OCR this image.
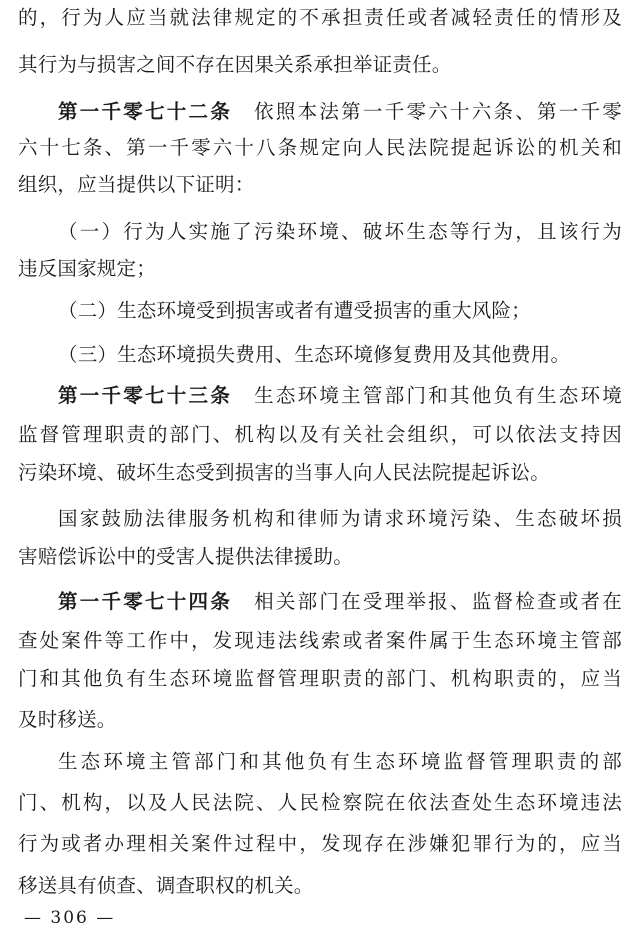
的，行为人应当就法律规定的不承担责任或者减轻责任的情形及
其行为与损害之间不存在因果关系承担举证责任。
第一千零七十二条 依照本法第一千零六十六条、第一千零
六十七条、第一千零六十八条规定向人民法院提起诉讼的机关和
组织，应当提供以下证明：
（一）行为人实施了污染环境、破坏生态等行为，且该行为
违反国家规定；
（二）生态环境受到损害或者有遭受损害的重大风险；
（三）生态环境损失费用、生态环境修复费用及其他费用。
第一千零七十三条 生态环境主管部门和其他负有生态环境
监督管理职责的部门、机构以及有关社会组织，可以依法支持因
污染环境、破坏生态受到损害的当事人向人民法院提起诉讼。
国家鼓励法律服务机构和律师为请求环境污染、生态破坏损
害赔偿诉讼中的受害人提供法律援助。
第一千零七十四条 相关部门在受理举报、监督检查或者在
查处案件等工作中，发现违法线索或者案件属于生态环境主管部
门和其他负有生态环境监督管理职责的部门、机构职责的，应当
及时移送。
生态环境主管部门和其他负有生态环境监督管理职责的部
门、机构，以及人民法院、人民检察院在依法查处生态环境违法
行为或者办理相关案件过程中，发现存在涉嫌犯罪行为的，应当
移送具有侦查、调查职权的机关。
— 306 —
